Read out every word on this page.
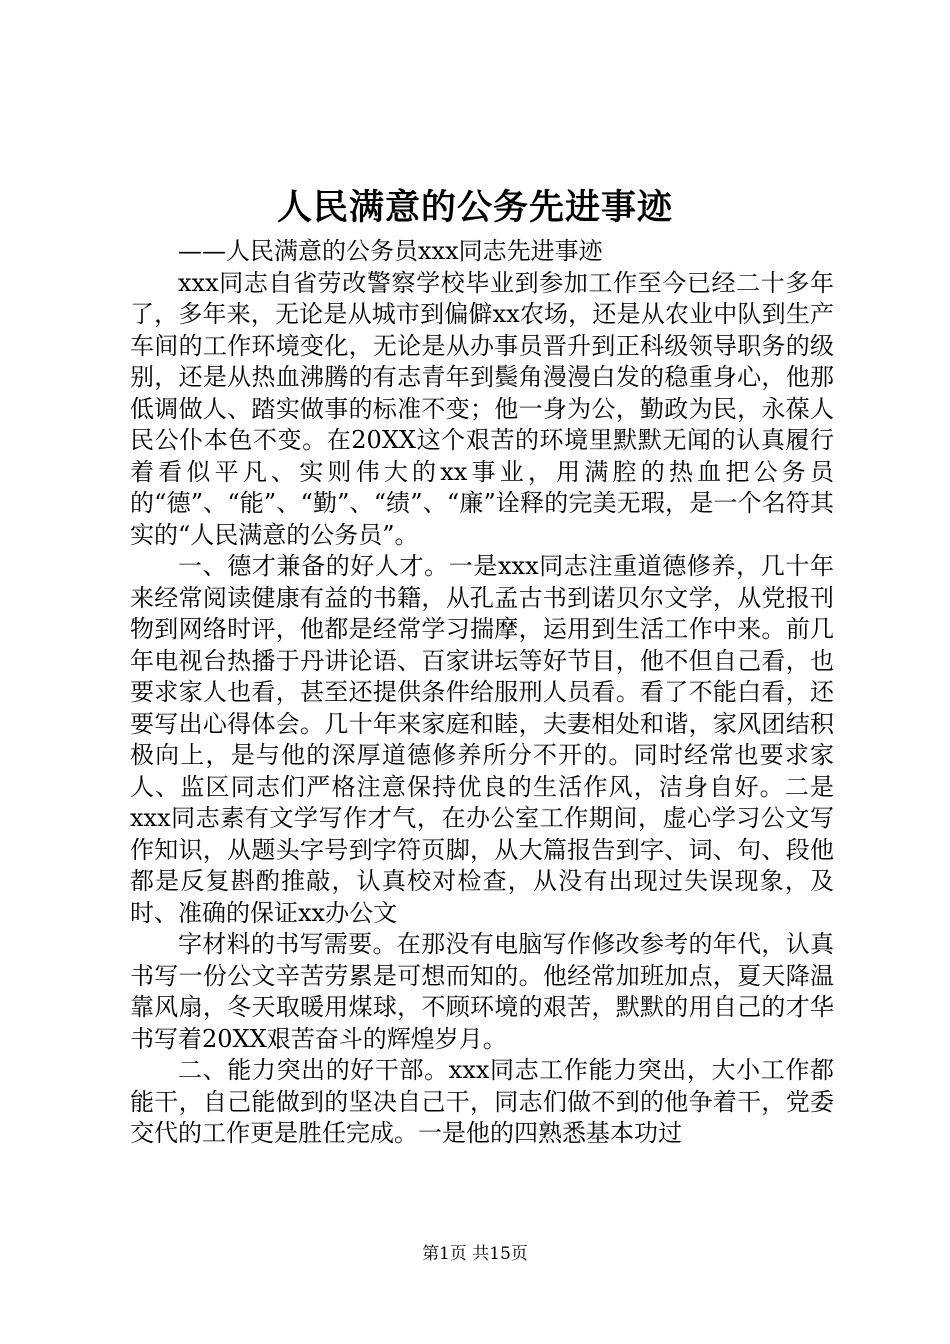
人民满意的公务先进事迹

——人民满意的公务员xxx同志先进事迹

xxx同志自省劳改警察学校毕业到参加工作至今已经二十多年了，多年来，无论是从城市到偏僻xx农场，还是从农业中队到生产车间的工作环境变化，无论是从办事员晋升到正科级领导职务的级别，还是从热血沸腾的有志青年到鬓角漫漫白发的稳重身心，他那低调做人、踏实做事的标准不变；他一身为公，勤政为民，永葆人民公仆本色不变。在20XX这个艰苦的环境里默默无闻的认真履行着看似平凡、实则伟大的xx事业，用满腔的热血把公务员的“德”、“能”、“勤”、“绩”、“廉”诠释的完美无瑕，是一个名符其实的“人民满意的公务员”。

一、德才兼备的好人才。一是xxx同志注重道德修养，几十年来经常阅读健康有益的书籍，从孔孟古书到诺贝尔文学，从党报刊物到网络时评，他都是经常学习揣摩，运用到生活工作中来。前几年电视台热播于丹讲论语、百家讲坛等好节目，他不但自己看，也要求家人也看，甚至还提供条件给服刑人员看。看了不能白看，还要写出心得体会。几十年来家庭和睦，夫妻相处和谐，家风团结积极向上，是与他的深厚道德修养所分不开的。同时经常也要求家人、监区同志们严格注意保持优良的生活作风，洁身自好。二是xxx同志素有文学写作才气，在办公室工作期间，虚心学习公文写作知识，从题头字号到字符页脚，从大篇报告到字、词、句、段他都是反复斟酌推敲，认真校对检查，从没有出现过失误现象，及时、准确的保证xx办公文

字材料的书写需要。在那没有电脑写作修改参考的年代，认真书写一份公文辛苦劳累是可想而知的。他经常加班加点，夏天降温靠风扇，冬天取暖用煤球，不顾环境的艰苦，默默的用自己的才华书写着20XX艰苦奋斗的辉煌岁月。

二、能力突出的好干部。xxx同志工作能力突出，大小工作都能干，自己能做到的坚决自己干，同志们做不到的他争着干，党委交代的工作更是胜任完成。一是他的四熟悉基本功过

第1页 共15页
